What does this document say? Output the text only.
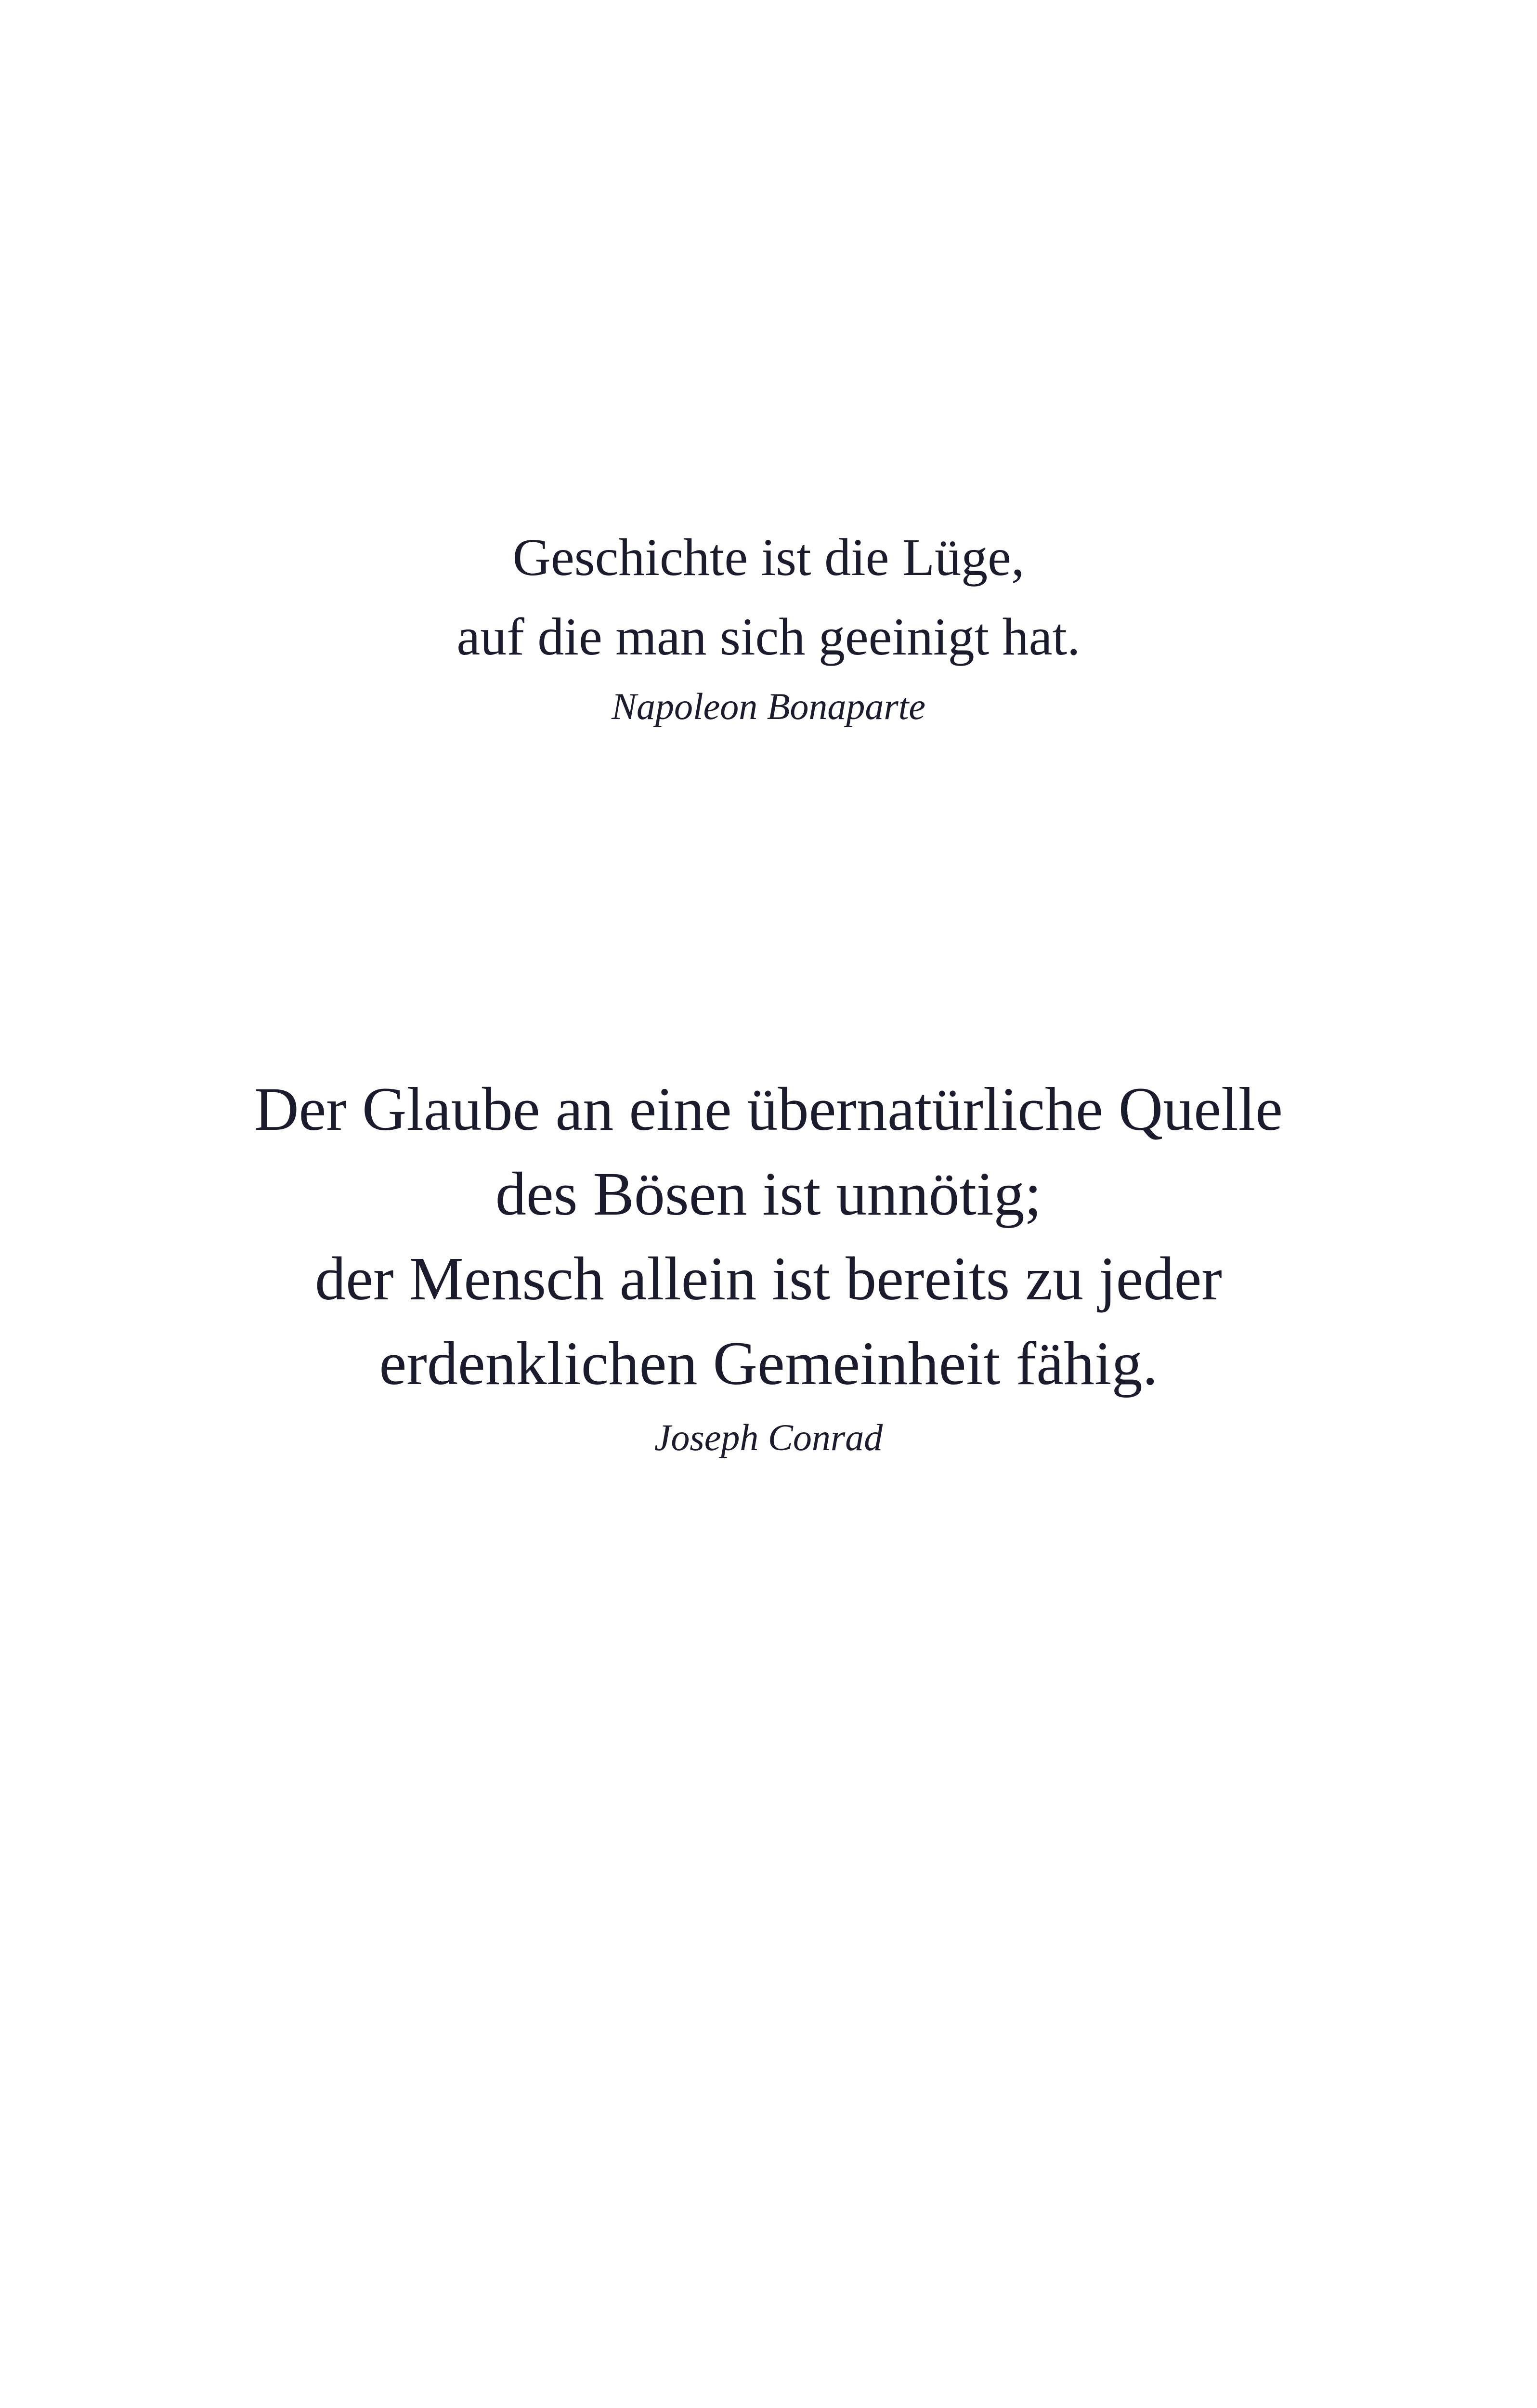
Geschichte ist die Lüge,
auf die man sich geeinigt hat.
Napoleon Bonaparte
Der Glaube an eine übernatürliche Quelle
des Bösen ist unnötig;
der Mensch allein ist bereits zu jeder
erdenklichen Gemeinheit fähig.
Joseph Conrad
